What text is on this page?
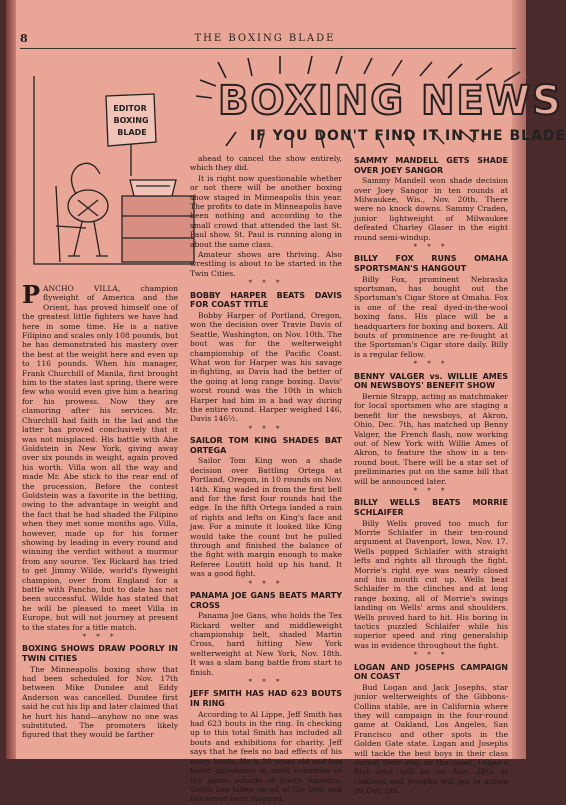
8	THE BOXING BLADE
BOXING NEWS
IF YOU DON'T FIND IT IN THE BLADE
EDITOR
BOXING
BLADE

PANCHO VILLA, champion flyweight of America and the Orient, has proved himself one of the greatest little fighters we have had here in some time. He is a native Filipino and scales only 108 pounds, but he has demonstrated his mastery over the best at the weight here and even up to 116 pounds. When his manager, Frank Churchill of Manila, first brought him to the states last spring, there were few who would even give him a hearing for his prowess. Now they are clamoring after his services. Mr. Churchill had faith in the lad and the latter has proved conclusively that it was not misplaced. His battle with Abe Goldstein in New York, giving away over six pounds in weight, again proved his worth. Villa won all the way and made Mr. Abe stick to the rear end of the procession. Before the contest Goldstein was a favorite in the betting, owing to the advantage in weight and the fact that he had shaded the Filipino when they met some months ago. Villa, however, made up for his former showing by leading in every round and winning the verdict without a murmur from any source. Tex Rickard has tried to get Jimmy Wilde, world's flyweight champion, over from England for a battle with Pancho, but to date has not been successful. Wilde has stated that he will be pleased to meet Villa in Europe, but will not journey at present to the states for a title match.

* * *

BOXING SHOWS DRAW POORLY IN TWIN CITIES

The Minneapolis boxing show that had been scheduled for Nov. 17th between Mike Dundee and Eddy Anderson was cancelled. Dundee first said he cut his lip and later claimed that he hurt his hand—anyhow no one was substituted. The promoters likely figured that they would be farther

ahead to cancel the show entirely, which they did.

It is right now questionable whether or not there will be another boxing show staged in Minneapolis this year. The profits to date in Minneapolis have been nothing and according to the small crowd that attended the last St. Paul show, St. Paul is running along in about the same class.

Amateur shows are thriving. Also wrestling is about to be started in the Twin Cities.

* * *

BOBBY HARPER BEATS DAVIS FOR COAST TITLE

Bobby Harper of Portland, Oregon, won the decision over Travie Davis of Seattle, Washington, on Nov. 10th. The bout was for the welterweight championship of the Pacific Coast. What won for Harper was his savage in-fighting, as Davis had the better of the going at long range boxing. Davis' worst round was the 10th in which Harper had him in a bad way during the entire round. Harper weighed 146, Davis 146½.

* * *

SAILOR TOM KING SHADES BAT ORTEGA

Sailor Tom King won a shade decision over Battling Ortega at Portland, Oregon, in 10 rounds on Nov. 14th. King waded in from the first bell and for the first four rounds had the edge. In the fifth Ortega landed a rain of rights and lefts on King's face and jaw. For a minute it looked like King would take the count but he pulled through and finished the balance of the fight with margin enough to make Referee Loutitt hold up his hand. It was a good fight.

* * *

PANAMA JOE GANS BEATS MARTY CROSS

Panama Joe Gans, who holds the Tex Rickard welter and middleweight championship belt, shaded Martin Cross, hard hitting New York welterweight at New York, Nov. 18th. It was a slam bang battle from start to finish.

* * *

JEFF SMITH HAS HAD 623 BOUTS IN RING

According to Al Lippe, Jeff Smith has had 623 bouts in the ring. In checking up to this total Smith has included all bouts and exhibitions for charity. Jeff says that he feels no bad effects of his many bouts. He is 29 years old and has faced opponents in most countries of the globe outside of South America. Smith has taken on all of the best and has never been stopped.

SAMMY MANDELL GETS SHADE OVER JOEY SANGOR

Sammy Mandell won shade decision over Joey Sangor in ten rounds at Milwaukee, Wis., Nov. 20th. There were no knock downs. Sammy Craden, junior lightweight of Milwaukee defeated Charley Glaser in the eight round semi-windup.

* * *

BILLY FOX RUNS OMAHA SPORTSMAN'S HANGOUT

Billy Fox, prominent Nebraska sportsman, has bought out the Sportsman's Cigar Store at Omaha. Fox is one of the real dyed-in-the-wool boxing fans. His place will be a headquarters for boxing and boxers. All bouts of prominence are re-fought at the Sportsman's Cigar store daily. Billy is a regular fellow.

* * *

BENNY VALGER vs. WILLIE AMES ON NEWSBOYS' BENEFIT SHOW

Bernie Strapp, acting as matchmaker for local sportsmen who are staging a benefit for the newsboys, at Akron, Ohio, Dec. 7th, has matched up Benny Valger, the French flash, now working out of New York with Willie Ames of Akron, to feature the show in a ten-round bout. There will be a star set of preliminaries put on the same bill that will be announced later.

* * *

BILLY WELLS BEATS MORRIE SCHLAIFER

Billy Wells proved too much for Morrie Schlaifer in their ten-round argument at Davenport, Iowa, Nov. 17. Wells popped Schlaifer with straight lefts and rights all through the fight. Morrie's right eye was nearly closed and his mouth cut up. Wells beat Schlaifer in the clinches and at long range boxing, all of Morrie's swings landing on Wells' arms and shoulders. Wells proved hard to hit. His boring in tactics puzzled Schlaifer while his superior speed and ring generalship was in evidence throughout the fight.

* * *

LOGAN AND JOSEPHS CAMPAIGN ON COAST

Bud Logan and Jack Josephs, star junior welterweights of the Gibbons-Collins stable, are in California where they will campaign in the four-round game at Oakland, Los Angeles, San Francisco and other spots in the Golden Gate state. Logan and Josephs will tackle the best boys in their class during their stay on the coast. Logan's first bout will be on Nov. 28th at Oakland and Josephs will get in action on Dec. 5th.
